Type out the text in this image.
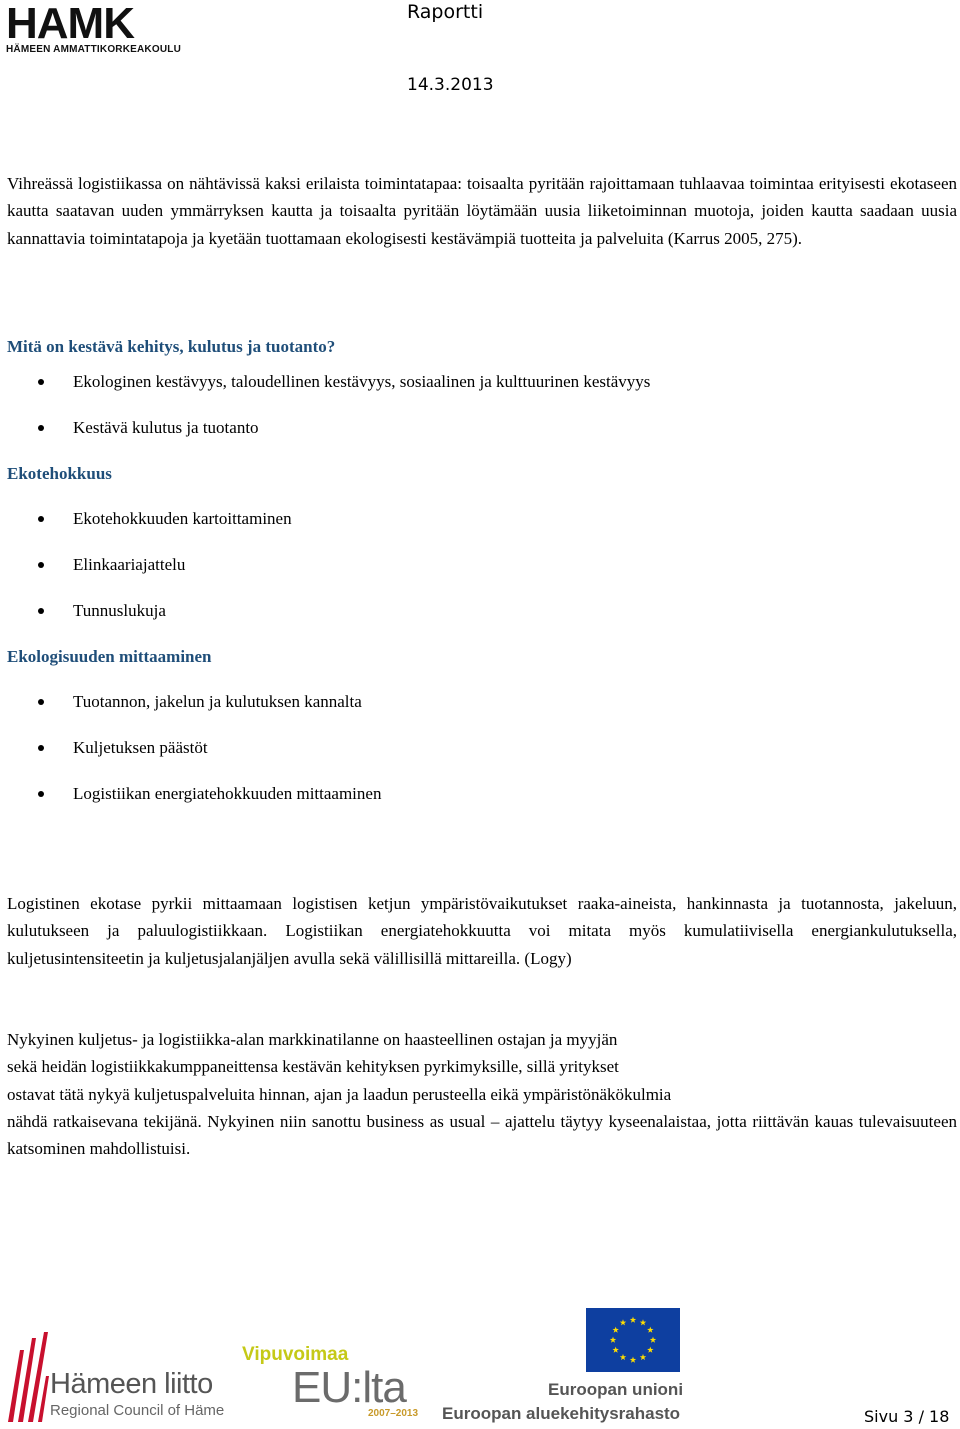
HAMK
HÄMEEN AMMATTIKORKEAKOULU
Raportti
14.3.2013

Vihreässä logistiikassa on nähtävissä kaksi erilaista toimintatapaa: toisaalta pyritään rajoittamaan tuhlaavaa toimintaa erityisesti ekotaseen kautta saatavan uuden ymmärryksen kautta ja toisaalta pyritään löytämään uusia liiketoiminnan muotoja, joiden kautta saadaan uusia kannattavia toimintatapoja ja kyetään tuottamaan ekologisesti kestävämpiä tuotteita ja palveluita (Karrus 2005, 275).

Mitä on kestävä kehitys, kulutus ja tuotanto?
Ekologinen kestävyys, taloudellinen kestävyys, sosiaalinen ja kulttuurinen kestävyys
Kestävä kulutus ja tuotanto
Ekotehokkuus
Ekotehokkuuden kartoittaminen
Elinkaariajattelu
Tunnuslukuja
Ekologisuuden mittaaminen
Tuotannon, jakelun ja kulutuksen kannalta
Kuljetuksen päästöt
Logistiikan energiatehokkuuden mittaaminen

Logistinen ekotase pyrkii mittaamaan logistisen ketjun ympäristövaikutukset raaka-aineista, hankinnasta ja tuotannosta, jakeluun, kulutukseen ja paluulogistiikkaan. Logistiikan energiatehokkuutta voi mitata myös kumulatiivisella energiankulutuksella, kuljetusintensiteetin ja kuljetusjalanjäljen avulla sekä välillisillä mittareilla. (Logy)

Nykyinen kuljetus- ja logistiikka-alan markkinatilanne on haasteellinen ostajan ja myyjän
sekä heidän logistiikkakumppaneittensa kestävän kehityksen pyrkimyksille, sillä yritykset
ostavat tätä nykyä kuljetuspalveluita hinnan, ajan ja laadun perusteella eikä ympäristönäkökulmia

nähdä ratkaisevana tekijänä. Nykyinen niin sanottu business as usual – ajattelu täytyy kyseenalaistaa, jotta riittävän kauas tulevaisuuteen katsominen mahdollistuisi.

Hämeen liitto
Regional Council of Häme
Vipuvoimaa
EU:lta
2007–2013
Euroopan unioni
Euroopan aluekehitysrahasto	Sivu 3 / 18
